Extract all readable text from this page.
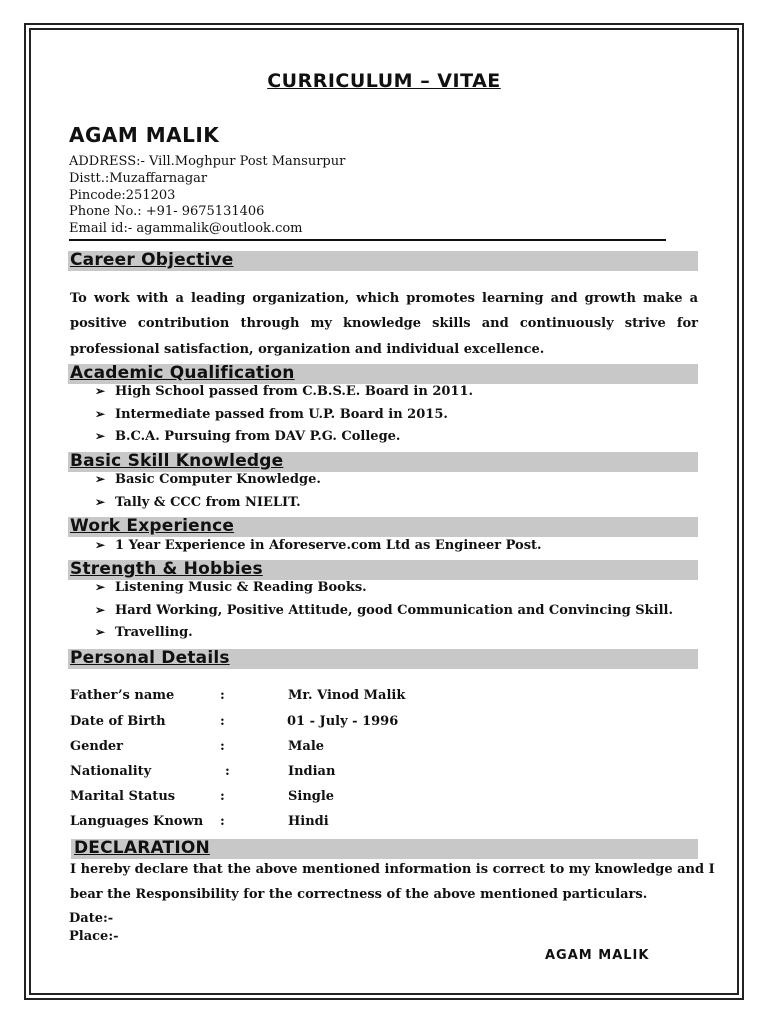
CURRICULUM – VITAE
AGAM MALIK
ADDRESS:- Vill.Moghpur Post Mansurpur
Distt.:Muzaffarnagar
Pincode:251203
Phone No.: +91- 9675131406
Email id:- agammalik@outlook.com
Career Objective
To work with a leading organization, which promotes learning and growth make a positive contribution through my knowledge skills and continuously strive for professional satisfaction, organization and individual excellence.
Academic Qualification
➢ High School passed from C.B.S.E. Board in 2011.
➢ Intermediate passed from U.P. Board in 2015.
➢ B.C.A. Pursuing from DAV P.G. College.
Basic Skill Knowledge
➢ Basic Computer Knowledge.
➢ Tally & CCC from NIELIT.
Work Experience
➢ 1 Year Experience in Aforeserve.com Ltd as Engineer Post.
Strength & Hobbies
➢ Listening Music & Reading Books.
➢ Hard Working, Positive Attitude, good Communication and Convincing Skill.
➢ Travelling.
Personal Details
Father’s name	:	Mr. Vinod Malik
Date of Birth	:	01 - July - 1996
Gender	:	Male
Nationality	:	Indian
Marital Status	:	Single
Languages Known :	Hindi
DECLARATION
I hereby declare that the above mentioned information is correct to my knowledge and I bear the Responsibility for the correctness of the above mentioned particulars.
Date:-
Place:-
AGAM MALIK
